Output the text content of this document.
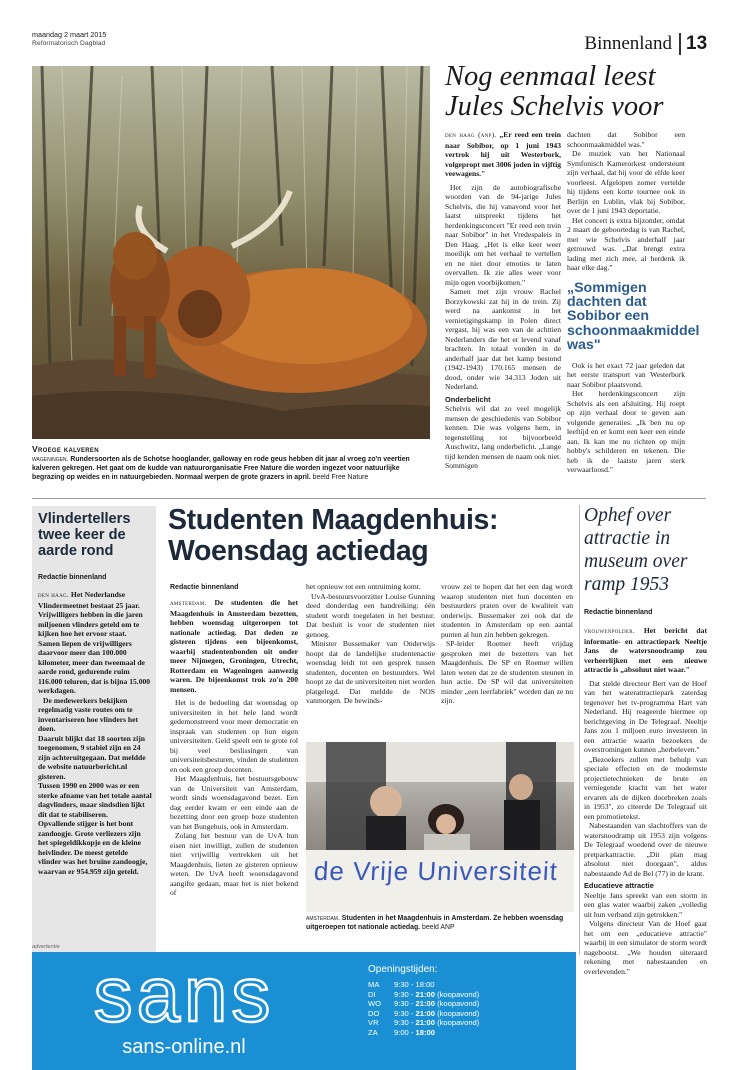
maandag 2 maart 2015
Reformatorisch Dagblad	Binnenland 13
Vroege kalveren
wageningen. Rundersoorten als de Schotse hooglander, galloway en rode geus hebben dit jaar al vroeg zo'n veertien kalveren gekregen. Het gaat om de kudde van natuurorganisatie Free Nature die worden ingezet voor natuurlijke begrazing op weides en in natuurgebieden. Normaal werpen de grote grazers in april. beeld Free Nature
Nog eenmaal leest
Jules Schelvis voor

den haag (anp). „Er reed een trein naar Sobibor, op 1 juni 1943 vertrok hij uit Westerbork, volgepropt met 3006 joden in vijftig veewagens."

Het zijn de autobiografische woorden van de 94-jarige Jules Schelvis, die hij vanavond voor het laatst uitspreekt tijdens het herdenkingsconcert "Er reed een trein naar Sobibor" in het Vredespaleis in Den Haag. „Het is elke keer weer moeilijk om het verhaal te vertellen en ne niet door emoties te laten overvallen. Ik zie alles weer voor mijn ogen voorbijkomen."

Samen met zijn vrouw Rachel Borzykowski zat hij in de trein. Zij werd na aankomst in het vernietigingskamp in Polen direct vergast, hij was een van de achttien Nederlanders die het er levend vanaf brachten. In totaal vonden in de anderhalf jaar dat het kamp bestond (1942-1943) 170.165 mensen de dood, onder wie 34.313 Joden uit Nederland.

Onderbelicht

Schelvis wil dat zo veel mogelijk mensen de geschiedenis van Sobibor kennen. Die was volgens hem, in tegenstelling tot bijvoorbeeld Auschwitz, lang onderbelicht. „Lange tijd kenden mensen de naam ook niet. Sommigen

dachten dat Sobibor een schoonmaakmiddel was."

De muziek van het Nationaal Symfonisch Kamerorkest ondersteunt zijn verhaal, dat hij voor de elfde keer voorleest. Afgelopen zomer vertelde hij tijdens een korte tournee ook in Berlijn en Lublin, vlak bij Sobibor, over de 1 juni 1943 deportatie.

Het concert is extra bijzonder, omdat 2 maart de geboortedag is van Rachel, met wie Schelvis anderhalf jaar getrouwd was. „Dat brengt extra lading met zich mee, al herdenk ik haar elke dag."

„Sommigen dachten dat Sobibor een schoonmaakmiddel was"

Ook is het exact 72 jaar geleden dat het eerste transport van Westerbork naar Sobibor plaatsvond.

Het herdenkingsconcert zijn Schelvis als een afsluiting. Hij roept op zijn verhaal door te geven aan volgende generaties. „Ik ben nu op leeftijd en er komt een keer een einde aan. Ik kan me nu richten op mijn hobby's schilderen en tekenen. Die heb ik de laatste jaren sterk verwaarloosd."

Vlindertellers twee keer de aarde rond
Redactie binnenland

den haag. Het Nederlandse Vlindermeetnet bestaat 25 jaar. Vrijwilligers hebben in die jaren miljoenen vlinders geteld om te kijken hoe het ervoor staat.

Samen liepen de vrijwilligers daarvoor meer dan 100.000 kilometer, meer dan tweemaal de aarde rond, gedurende ruim 116.000 teluren, dat is bijna 15.000 werkdagen.

De medewerkers bekijken regelmatig vaste routes om te inventariseren hoe vlinders het doen.

Daaruit blijkt dat 18 soorten zijn toegenomen, 9 stabiel zijn en 24 zijn achteruitgegaan. Dat meldde de website natuurbericht.nl gisteren.

Tussen 1990 en 2000 was er een sterke afname van het totale aantal dagvlinders, maar sindsdien lijkt dit dat te stabiliseren.

Opvallende stijger is het bont zandoogje. Grote verliezers zijn het spiegeldikkopje en de kleine heivlinder. De meest getelde vlinder was het bruine zandoogje, waarvan er 954.959 zijn geteld.

Studenten Maagdenhuis:
Woensdag actiedag
Redactie binnenland

amsterdam. De studenten die het Maagdenhuis in Amsterdam bezetten, hebben woensdag uitgeroepen tot nationale actiedag. Dat deden ze gisteren tijdens een bijeenkomst, waarbij studentenbonden uit onder meer Nijmegen, Groningen, Utrecht, Rotterdam en Wageningen aanwezig waren. De bijeenkomst trok zo'n 200 mensen.

Het is de bedoeling dat woensdag op universiteiten in het hele land wordt gedemonstreerd voor meer democratie en inspraak van studenten op hun eigen universiteiten. Geld speelt een te grote rol bij veel beslissingen van universiteitsbesturen, vinden de studenten en ook een groep docenten.

Het Maagdenhuis, het bestuursgebouw van de Universiteit van Amsterdam, wordt sinds woensdagavond bezet. Een dag eerder kwam er een einde aan de bezetting door een groep boze studenten van het Bungehuis, ook in Amsterdam.

Zolang het bestuur van de UvA hun eisen niet inwilligt, zullen de studenten niet vrijwillig vertrekken uit het Maagdenhuis, lieten ze gisteren opnieuw weten. De UvA heeft woensdagavond aangifte gedaan, maar het is niet bekend of

het opnieuw tot een ontruiming komt.

UvA-bestuursvoorzitter Louise Gunning deed donderdag een handreiking: één student wordt toegelaten in het bestuur. Dat besluit is voor de studenten niet genoeg.

Minister Bussemaker van Onderwijs hoopt dat de landelijke studentenactie woensdag leidt tot een gesprek tussen studenten, docenten en bestuurders. Wel hoopt ze dat de universiteiten niet worden platgelegd. Dat meldde de NOS vanmorgen. De bewinds-

vrouw zei te hopen dat het een dag wordt waarop studenten met hun docenten en bestuurders praten over de kwaliteit van onderwijs. Bussemaker zei ook dat de studenten in Amsterdam op een aantal punten al hun zin hebben gekregen.

SP-leider Roemer heeft vrijdag gesproken met de bezetters van het Maagdenhuis. De SP en Roemer willen laten weten dat ze de studenten steunen in hun actie. De SP wil dat universiteiten minder „een leerfabriek" worden dan ze nu zijn.

de Vrije Universiteit
amsterdam. Studenten in het Maagdenhuis in Amsterdam. Ze hebben woensdag uitgeroepen tot nationale actiedag. beeld ANP
Ophef over attractie in museum over ramp 1953
Redactie binnenland

vrouwenpolder. Het bericht dat informatie- en attractiepark Neeltje Jans de watersnoodramp zou verheerlijken met een nieuwe attractie is „absoluut niet waar."

Dat stelde directeur Bert van de Hoef van het waterattractiepark zaterdag tegenover het tv-programma Hart van Nederland. Hij reageerde hiermee op berichtgeving in De Telegraaf. Neeltje Jans zou 1 miljoen euro investeren in een attractie waarin bezoekers de overstromingen kunnen „herbeleven."

„Bezoekers zullen met behulp van speciale effecten en de modernste projectietechnieken de brute en verniegende kracht van het water ervaren als de dijken doorbreken zoals in 1953", zo citeerde De Telegraaf uit een promotietekst.

Nabestaanden van slachtoffers van de watersnoodramp uit 1953 zijn volgens De Telegraaf woedend over de nieuwe pretparkattractie. „Dit plan mag absoluut niet doorgaan", aldus nabestaande Ad de Bel (77) in de krant.

Educatieve attractie

Neeltje Jans spreekt van een storm in een glas water waarbij zaken „volledig uit hun verband zijn getrokken."

Volgens directeur Van de Hoef gaat het om een „educatieve attractie" waarbij in een simulator de storm wordt nagebootst. „We houden uiteraard rekening met nabestaanden en overlevenden."

advertentie
sans
sans-online.nl
Openingstijden:
MA 9:30 - 18:00
DI 9:30 - 21:00 (koopavond)
WO 9:30 - 21:00 (koopavond)
DO 9:30 - 21:00 (koopavond)
VR 9:30 - 21:00 (koopavond)
ZA 9:00 - 18:00
